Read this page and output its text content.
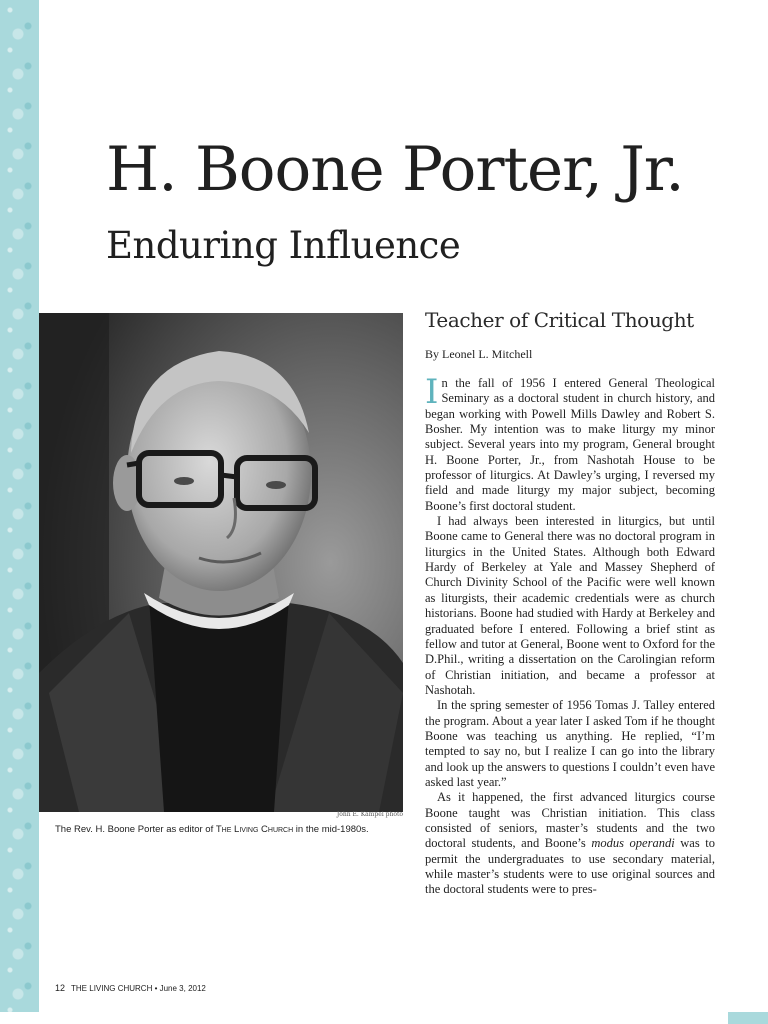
H. Boone Porter, Jr.
Enduring Influence
John E. Kampel photo
The Rev. H. Boone Porter as editor of The Living Church in the mid-1980s.
Teacher of Critical Thought
By Leonel L. Mitchell

In the fall of 1956 I entered General Theological Seminary as a doctoral student in church history, and began working with Powell Mills Dawley and Robert S. Bosher. My intention was to make liturgy my minor subject. Several years into my program, General brought H. Boone Porter, Jr., from Nashotah House to be professor of liturgics. At Dawley’s urging, I reversed my field and made liturgy my major subject, becoming Boone’s first doctoral student.

I had always been interested in liturgics, but until Boone came to General there was no doctoral program in liturgics in the United States. Although both Edward Hardy of Berkeley at Yale and Massey Shepherd of Church Divinity School of the Pacific were well known as liturgists, their academic credentials were as church historians. Boone had studied with Hardy at Berkeley and graduated before I entered. Following a brief stint as fellow and tutor at General, Boone went to Oxford for the D.Phil., writing a dissertation on the Carolingian reform of Christian initiation, and became a professor at Nashotah.

In the spring semester of 1956 Tomas J. Talley entered the program. About a year later I asked Tom if he thought Boone was teaching us anything. He replied, “I’m tempted to say no, but I realize I can go into the library and look up the answers to questions I couldn’t even have asked last year.”

As it happened, the first advanced liturgics course Boone taught was Christian initiation. This class consisted of seniors, master’s students and the two doctoral students, and Boone’s modus operandi was to permit the undergraduates to use secondary material, while master’s students were to use original sources and the doctoral students were to pres-

12 THE LIVING CHURCH • June 3, 2012
